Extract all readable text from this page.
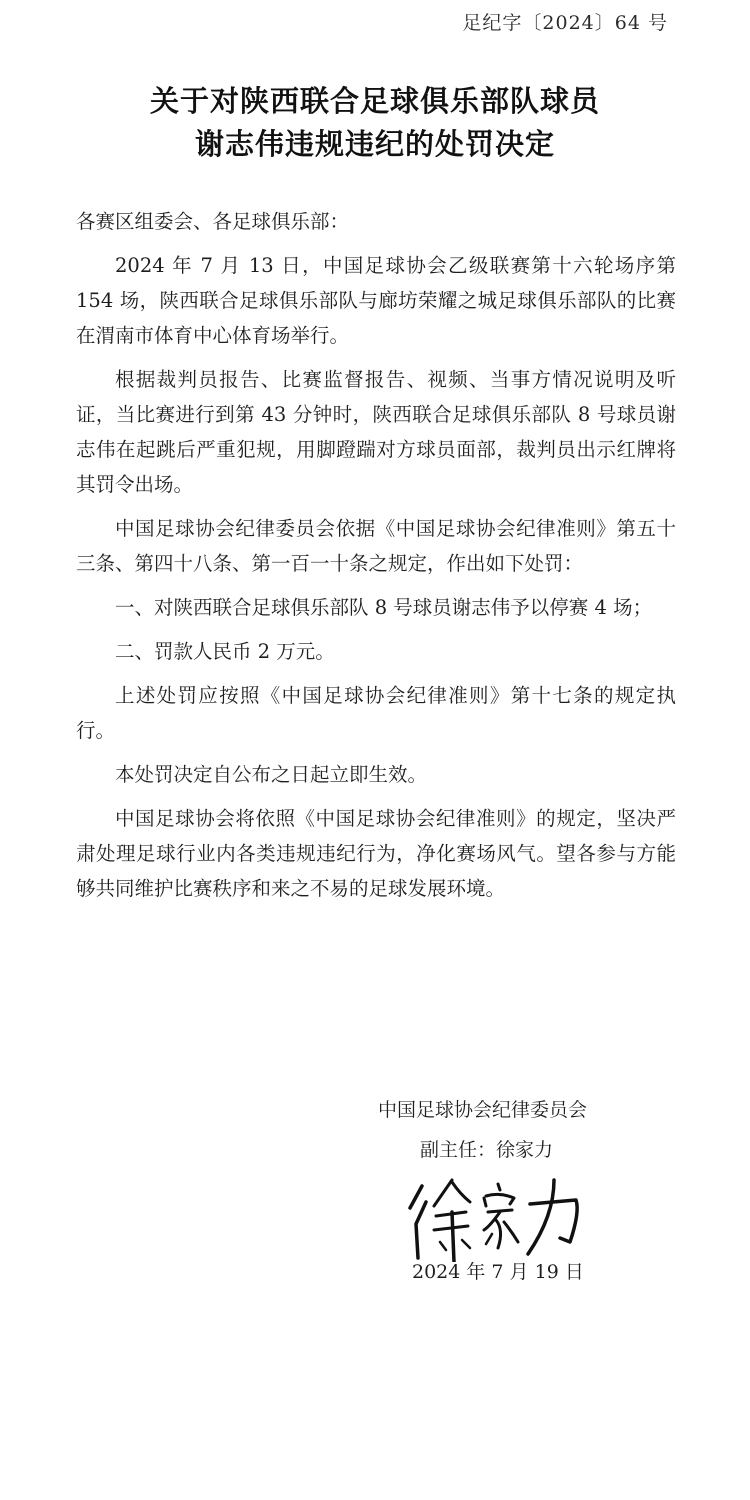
足纪字〔2024〕64 号
关于对陕西联合足球俱乐部队球员
谢志伟违规违纪的处罚决定

各赛区组委会、各足球俱乐部：

2024 年 7 月 13 日，中国足球协会乙级联赛第十六轮场序第 154 场，陕西联合足球俱乐部队与廊坊荣耀之城足球俱乐部队的比赛在渭南市体育中心体育场举行。

根据裁判员报告、比赛监督报告、视频、当事方情况说明及听证，当比赛进行到第 43 分钟时，陕西联合足球俱乐部队 8 号球员谢志伟在起跳后严重犯规，用脚蹬踹对方球员面部，裁判员出示红牌将其罚令出场。

中国足球协会纪律委员会依据《中国足球协会纪律准则》第五十三条、第四十八条、第一百一十条之规定，作出如下处罚：

一、对陕西联合足球俱乐部队 8 号球员谢志伟予以停赛 4 场；

二、罚款人民币 2 万元。

上述处罚应按照《中国足球协会纪律准则》第十七条的规定执行。

本处罚决定自公布之日起立即生效。

中国足球协会将依照《中国足球协会纪律准则》的规定，坚决严肃处理足球行业内各类违规违纪行为，净化赛场风气。望各参与方能够共同维护比赛秩序和来之不易的足球发展环境。

中国足球协会纪律委员会
副主任：徐家力
2024 年 7 月 19 日
